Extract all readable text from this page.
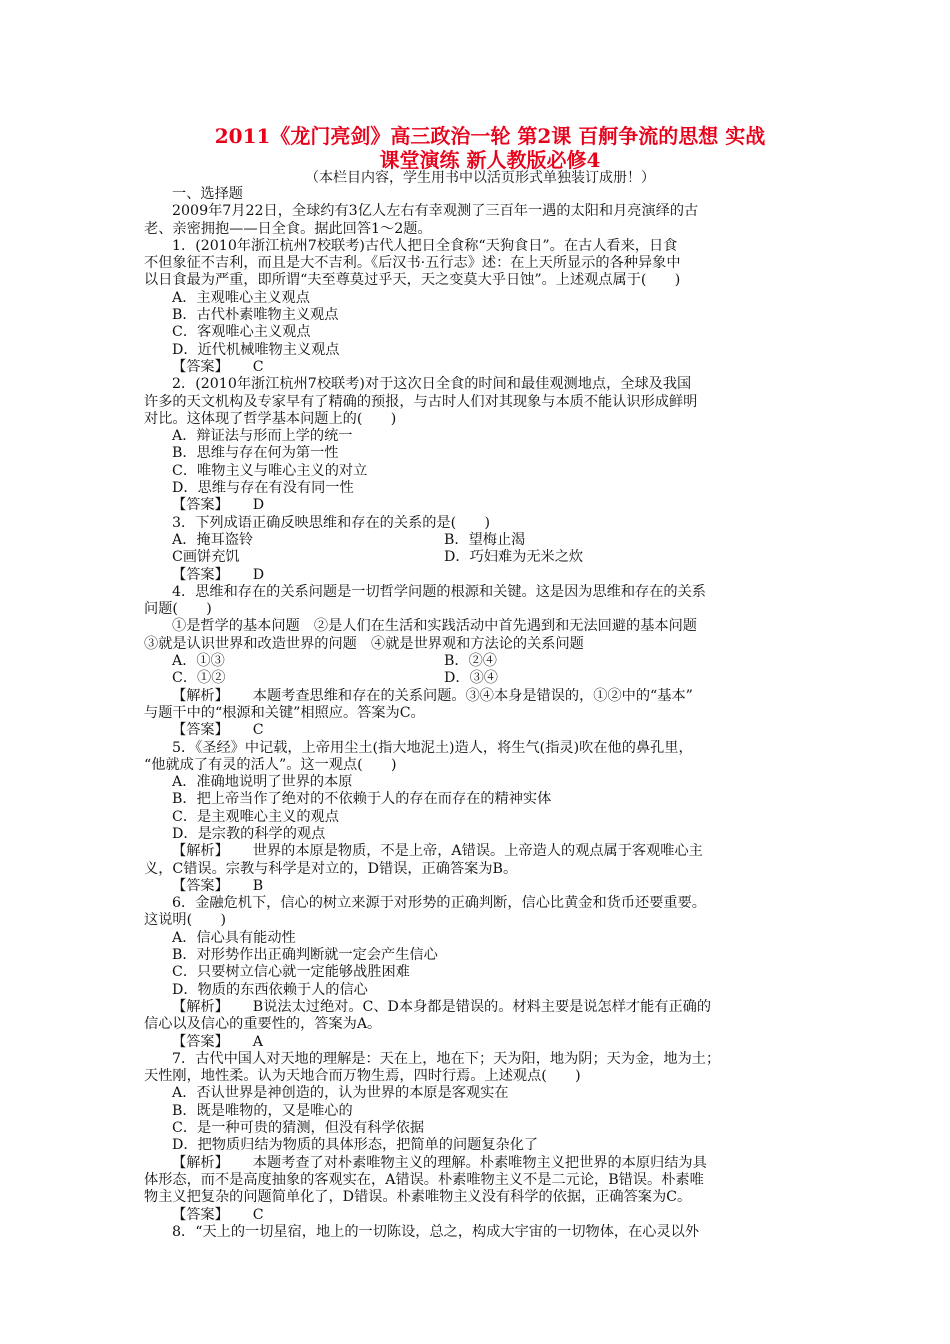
2011《龙门亮剑》高三政治一轮 第2课 百舸争流的思想 实战
课堂演练 新人教版必修4
（本栏目内容，学生用书中以活页形式单独装订成册！）
一、选择题
2009年7月22日，全球约有3亿人左右有幸观测了三百年一遇的太阳和月亮演绎的古
老、亲密拥抱——日全食。据此回答1～2题。
1．(2010年浙江杭州7校联考)古代人把日全食称“天狗食日”。在古人看来，日食
不但象征不吉利，而且是大不吉利。《后汉书·五行志》述：在上天所显示的各种异象中
以日食最为严重，即所谓“夫至尊莫过乎天，天之变莫大乎日蚀”。上述观点属于(　　)
A．主观唯心主义观点
B．古代朴素唯物主义观点
C．客观唯心主义观点
D．近代机械唯物主义观点
【答案】 C
2．(2010年浙江杭州7校联考)对于这次日全食的时间和最佳观测地点，全球及我国
许多的天文机构及专家早有了精确的预报，与古时人们对其现象与本质不能认识形成鲜明
对比。这体现了哲学基本问题上的(　　)
A．辩证法与形而上学的统一
B．思维与存在何为第一性
C．唯物主义与唯心主义的对立
D．思维与存在有没有同一性
【答案】 D
3．下列成语正确反映思维和存在的关系的是(　　)
A．掩耳盗铃	B．望梅止渴
C画饼充饥	D．巧妇难为无米之炊
【答案】 D
4．思维和存在的关系问题是一切哲学问题的根源和关键。这是因为思维和存在的关系
问题(　　)
①是哲学的基本问题　②是人们在生活和实践活动中首先遇到和无法回避的基本问题
③就是认识世界和改造世界的问题　④就是世界观和方法论的关系问题
A．①③	B．②④
C．①②	D．③④
【解析】 本题考查思维和存在的关系问题。③④本身是错误的，①②中的“基本”
与题干中的“根源和关键”相照应。答案为C。
【答案】 C
5．《圣经》中记载，上帝用尘土(指大地泥土)造人，将生气(指灵)吹在他的鼻孔里，
“他就成了有灵的活人”。这一观点(　　)
A．准确地说明了世界的本原
B．把上帝当作了绝对的不依赖于人的存在而存在的精神实体
C．是主观唯心主义的观点
D．是宗教的科学的观点
【解析】 世界的本原是物质，不是上帝，A错误。上帝造人的观点属于客观唯心主
义，C错误。宗教与科学是对立的，D错误，正确答案为B。
【答案】 B
6．金融危机下，信心的树立来源于对形势的正确判断，信心比黄金和货币还要重要。
这说明(　　)
A．信心具有能动性
B．对形势作出正确判断就一定会产生信心
C．只要树立信心就一定能够战胜困难
D．物质的东西依赖于人的信心
【解析】 B说法太过绝对。C、D本身都是错误的。材料主要是说怎样才能有正确的
信心以及信心的重要性的，答案为A。
【答案】 A
7．古代中国人对天地的理解是：天在上，地在下；天为阳，地为阴；天为金，地为土；
天性刚，地性柔。认为天地合而万物生焉，四时行焉。上述观点(　　)
A．否认世界是神创造的，认为世界的本原是客观实在
B．既是唯物的，又是唯心的
C．是一种可贵的猜测，但没有科学依据
D．把物质归结为物质的具体形态，把简单的问题复杂化了
【解析】 本题考查了对朴素唯物主义的理解。朴素唯物主义把世界的本原归结为具
体形态，而不是高度抽象的客观实在，A错误。朴素唯物主义不是二元论，B错误。朴素唯
物主义把复杂的问题简单化了，D错误。朴素唯物主义没有科学的依据，正确答案为C。
【答案】 C
8．“天上的一切星宿，地上的一切陈设，总之，构成大宇宙的一切物体，在心灵以外
